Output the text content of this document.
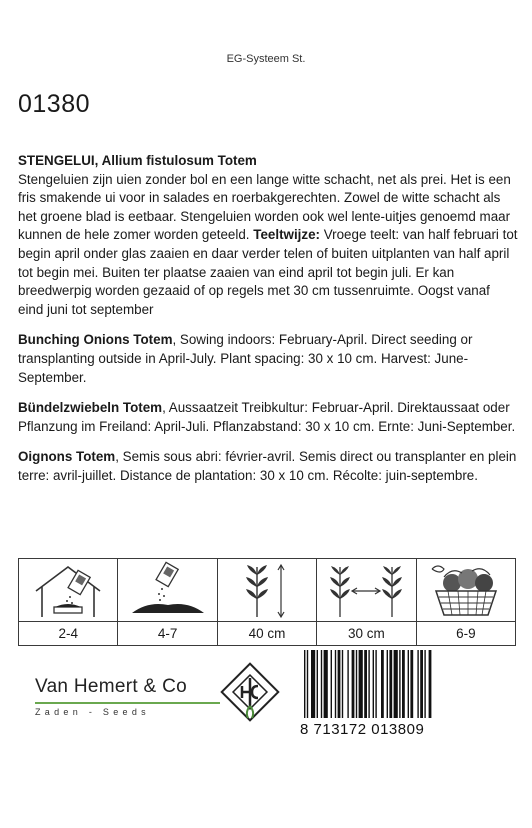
EG-Systeem St.
01380

STENGELUI, Allium fistulosum Totem
Stengeluien zijn uien zonder bol en een lange witte schacht, net als prei. Het is een fris smakende ui voor in salades en roerbakgerechten. Zowel de witte schacht als het groene blad is eetbaar. Stengeluien worden ook wel lente-uitjes genoemd maar kunnen de hele zomer worden geteeld. Teeltwijze: Vroege teelt: van half februari tot begin april onder glas zaaien en daar verder telen of buiten uitplanten van half april tot begin mei. Buiten ter plaatse zaaien van eind april tot begin juli. Er kan breedwerpig worden gezaaid of op regels met 30 cm tussenruimte. Oogst vanaf eind juni tot september

Bunching Onions Totem, Sowing indoors: February-April. Direct seeding or transplanting outside in April-July. Plant spacing: 30 x 10 cm. Harvest: June-September.

Bündelzwiebeln Totem, Aussaatzeit Treibkultur: Februar-April. Direktaussaat oder Pflanzung im Freiland: April-Juli. Pflanzabstand: 30 x 10 cm. Ernte: Juni-September.

Oignons Totem, Semis sous abri: février-avril. Semis direct ou transplanter en plein terre: avril-juillet. Distance de plantation: 30 x 10 cm. Récolte: juin-septembre.

2-4	4-7	40 cm	30 cm	6-9
Van Hemert & Co
Zaden - Seeds
8 713172 013809
